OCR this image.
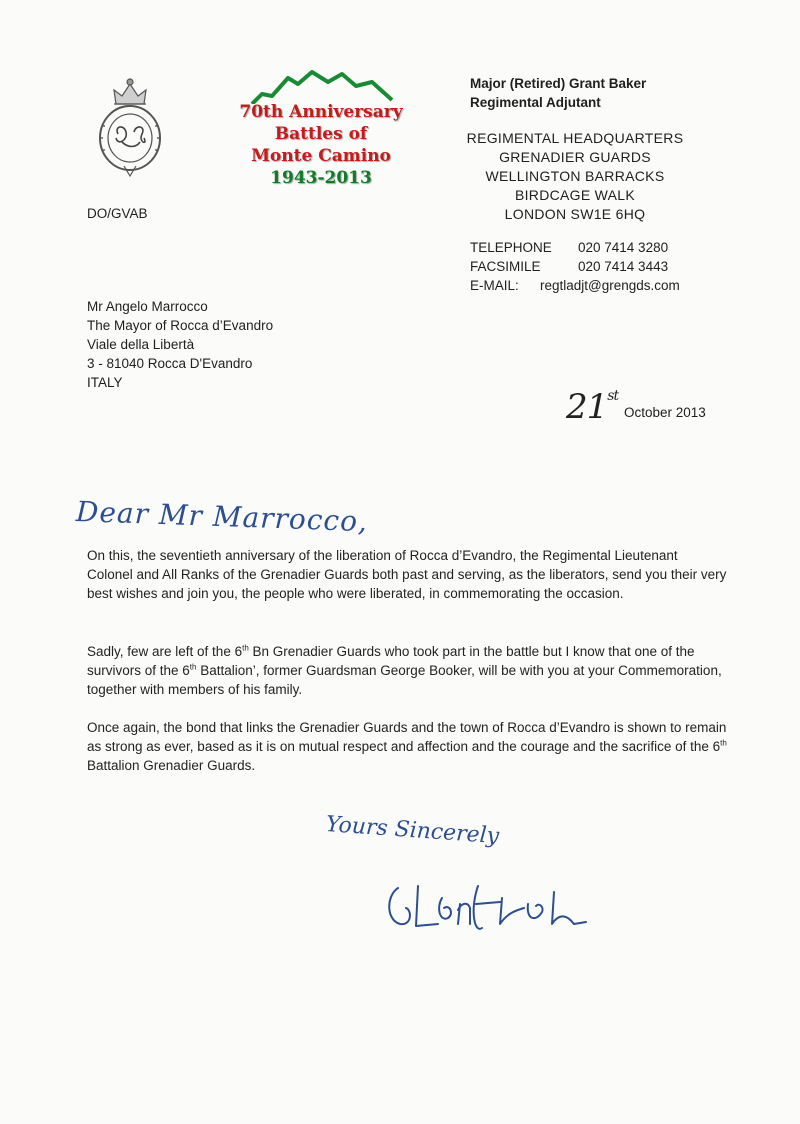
70th Anniversary
Battles of
Monte Camino
1943-2013
Major (Retired) Grant Baker
Regimental Adjutant
REGIMENTAL HEADQUARTERS
GRENADIER GUARDS
WELLINGTON BARRACKS
BIRDCAGE WALK
LONDON SW1E 6HQ
TELEPHONE 020 7414 3280
FACSIMILE	020 7414 3443
E-MAIL: regtladjt@grengds.com
DO/GVAB
Mr Angelo Marrocco
The Mayor of Rocca d’Evandro
Viale della Libertà
3 - 81040 Rocca D'Evandro
ITALY
21st
October 2013
Dear Mr Marrocco,

On this, the seventieth anniversary of the liberation of Rocca d’Evandro, the Regimental Lieutenant Colonel and All Ranks of the Grenadier Guards both past and serving, as the liberators, send you their very best wishes and join you, the people who were liberated, in commemorating the occasion.

Sadly, few are left of the 6th Bn Grenadier Guards who took part in the battle but I know that one of the survivors of the 6th Battalion’, former Guardsman George Booker, will be with you at your Commemoration, together with members of his family.

Once again, the bond that links the Grenadier Guards and the town of Rocca d’Evandro is shown to remain as strong as ever, based as it is on mutual respect and affection and the courage and the sacrifice of the 6th Battalion Grenadier Guards.

Yours Sincerely
